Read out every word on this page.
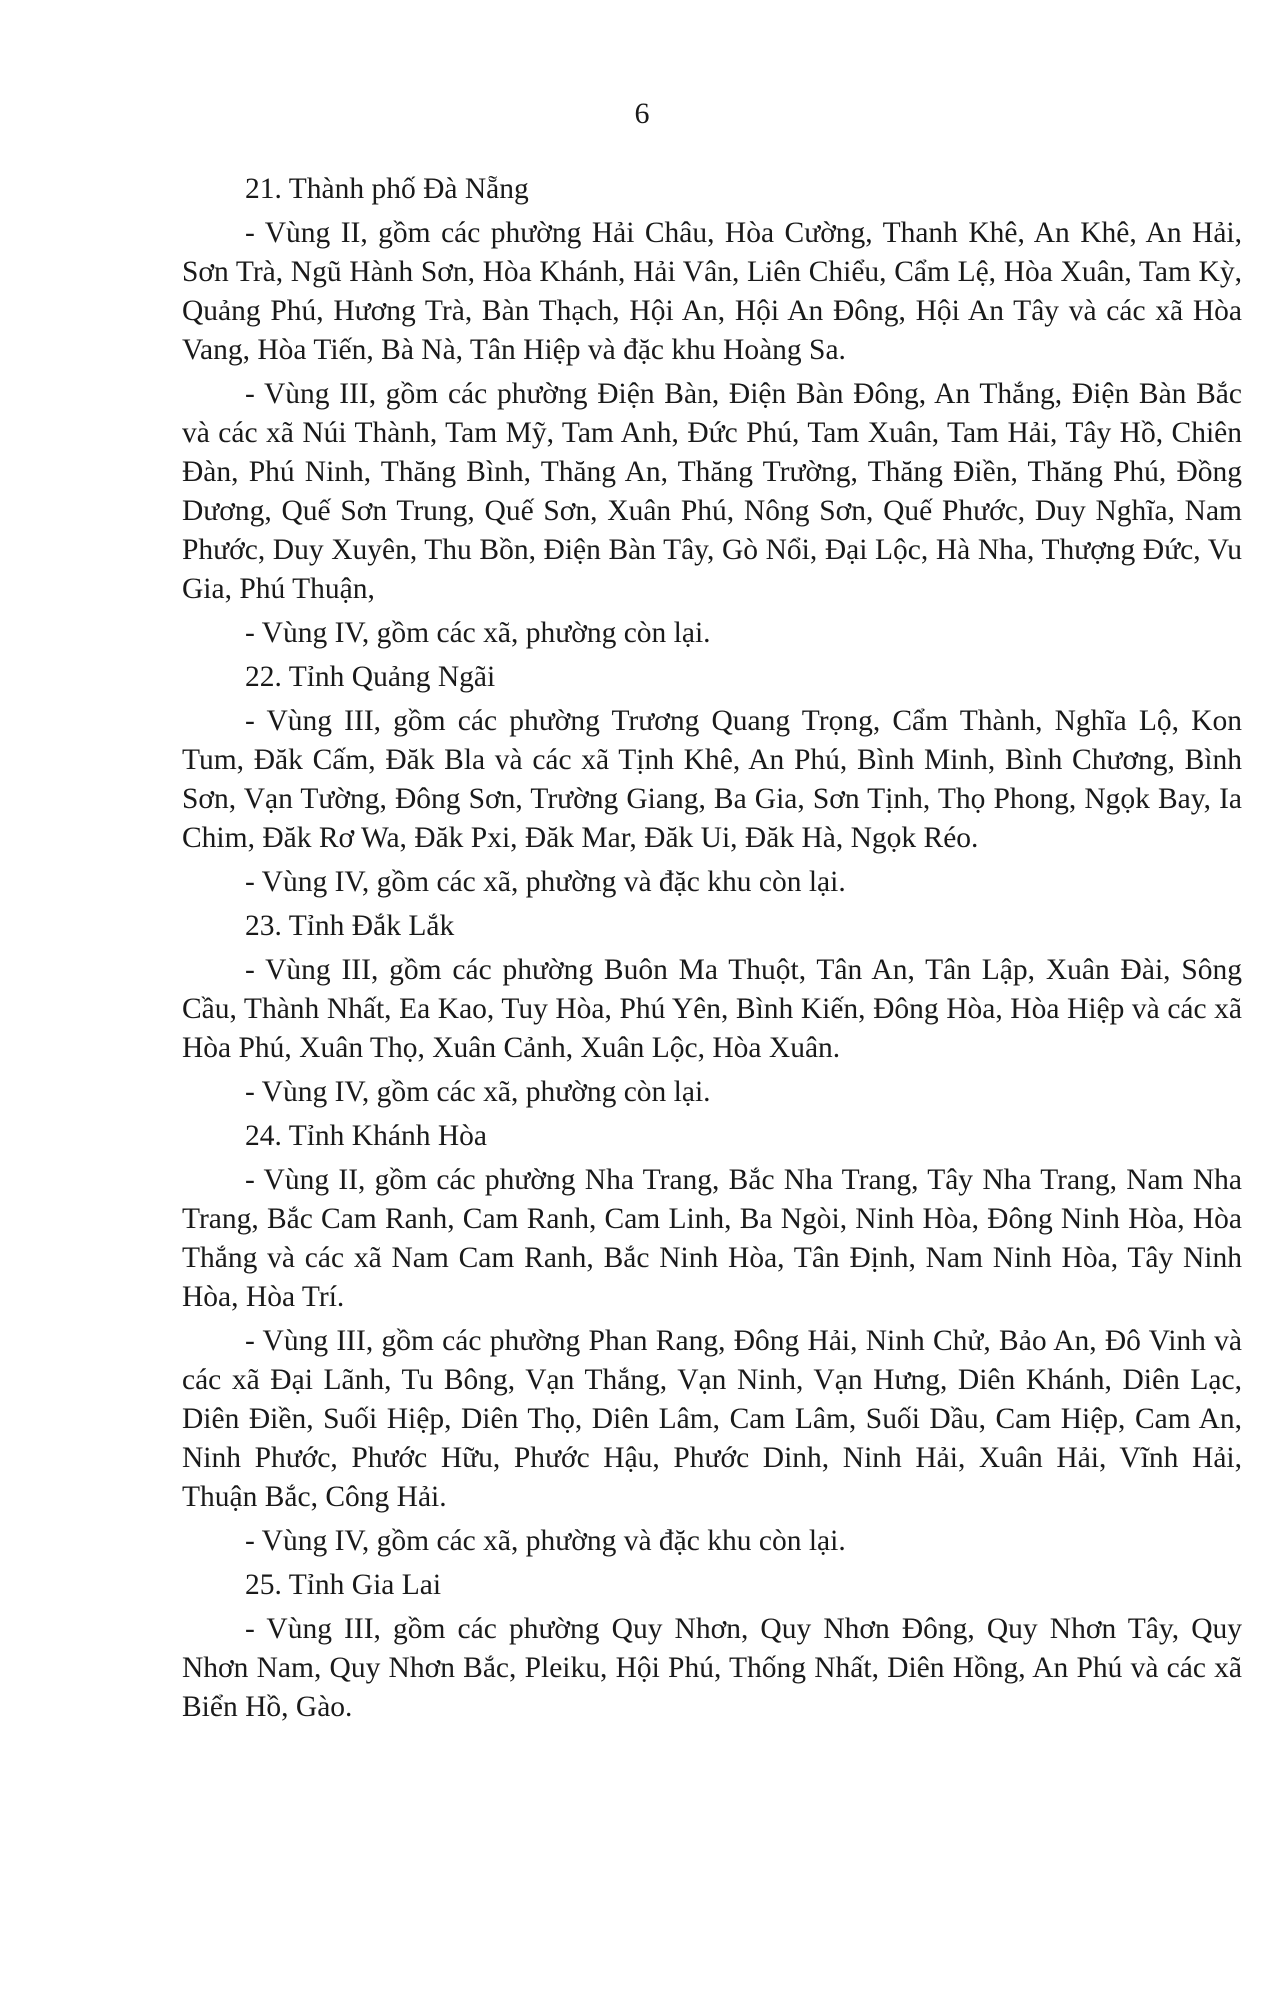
6

21. Thành phố Đà Nẵng

- Vùng II, gồm các phường Hải Châu, Hòa Cường, Thanh Khê, An Khê, An Hải, Sơn Trà, Ngũ Hành Sơn, Hòa Khánh, Hải Vân, Liên Chiểu, Cẩm Lệ, Hòa Xuân, Tam Kỳ, Quảng Phú, Hương Trà, Bàn Thạch, Hội An, Hội An Đông, Hội An Tây và các xã Hòa Vang, Hòa Tiến, Bà Nà, Tân Hiệp và đặc khu Hoàng Sa.

- Vùng III, gồm các phường Điện Bàn, Điện Bàn Đông, An Thắng, Điện Bàn Bắc và các xã Núi Thành, Tam Mỹ, Tam Anh, Đức Phú, Tam Xuân, Tam Hải, Tây Hồ, Chiên Đàn, Phú Ninh, Thăng Bình, Thăng An, Thăng Trường, Thăng Điền, Thăng Phú, Đồng Dương, Quế Sơn Trung, Quế Sơn, Xuân Phú, Nông Sơn, Quế Phước, Duy Nghĩa, Nam Phước, Duy Xuyên, Thu Bồn, Điện Bàn Tây, Gò Nổi, Đại Lộc, Hà Nha, Thượng Đức, Vu Gia, Phú Thuận,

- Vùng IV, gồm các xã, phường còn lại.

22. Tỉnh Quảng Ngãi

- Vùng III, gồm các phường Trương Quang Trọng, Cẩm Thành, Nghĩa Lộ, Kon Tum, Đăk Cấm, Đăk Bla và các xã Tịnh Khê, An Phú, Bình Minh, Bình Chương, Bình Sơn, Vạn Tường, Đông Sơn, Trường Giang, Ba Gia, Sơn Tịnh, Thọ Phong, Ngọk Bay, Ia Chim, Đăk Rơ Wa, Đăk Pxi, Đăk Mar, Đăk Ui, Đăk Hà, Ngọk Réo.

- Vùng IV, gồm các xã, phường và đặc khu còn lại.

23. Tỉnh Đắk Lắk

- Vùng III, gồm các phường Buôn Ma Thuột, Tân An, Tân Lập, Xuân Đài, Sông Cầu, Thành Nhất, Ea Kao, Tuy Hòa, Phú Yên, Bình Kiến, Đông Hòa, Hòa Hiệp và các xã Hòa Phú, Xuân Thọ, Xuân Cảnh, Xuân Lộc, Hòa Xuân.

- Vùng IV, gồm các xã, phường còn lại.

24. Tỉnh Khánh Hòa

- Vùng II, gồm các phường Nha Trang, Bắc Nha Trang, Tây Nha Trang, Nam Nha Trang, Bắc Cam Ranh, Cam Ranh, Cam Linh, Ba Ngòi, Ninh Hòa, Đông Ninh Hòa, Hòa Thắng và các xã Nam Cam Ranh, Bắc Ninh Hòa, Tân Định, Nam Ninh Hòa, Tây Ninh Hòa, Hòa Trí.

- Vùng III, gồm các phường Phan Rang, Đông Hải, Ninh Chử, Bảo An, Đô Vinh và các xã Đại Lãnh, Tu Bông, Vạn Thắng, Vạn Ninh, Vạn Hưng, Diên Khánh, Diên Lạc, Diên Điền, Suối Hiệp, Diên Thọ, Diên Lâm, Cam Lâm, Suối Dầu, Cam Hiệp, Cam An, Ninh Phước, Phước Hữu, Phước Hậu, Phước Dinh, Ninh Hải, Xuân Hải, Vĩnh Hải, Thuận Bắc, Công Hải.

- Vùng IV, gồm các xã, phường và đặc khu còn lại.

25. Tỉnh Gia Lai

- Vùng III, gồm các phường Quy Nhơn, Quy Nhơn Đông, Quy Nhơn Tây, Quy Nhơn Nam, Quy Nhơn Bắc, Pleiku, Hội Phú, Thống Nhất, Diên Hồng, An Phú và các xã Biển Hồ, Gào.
